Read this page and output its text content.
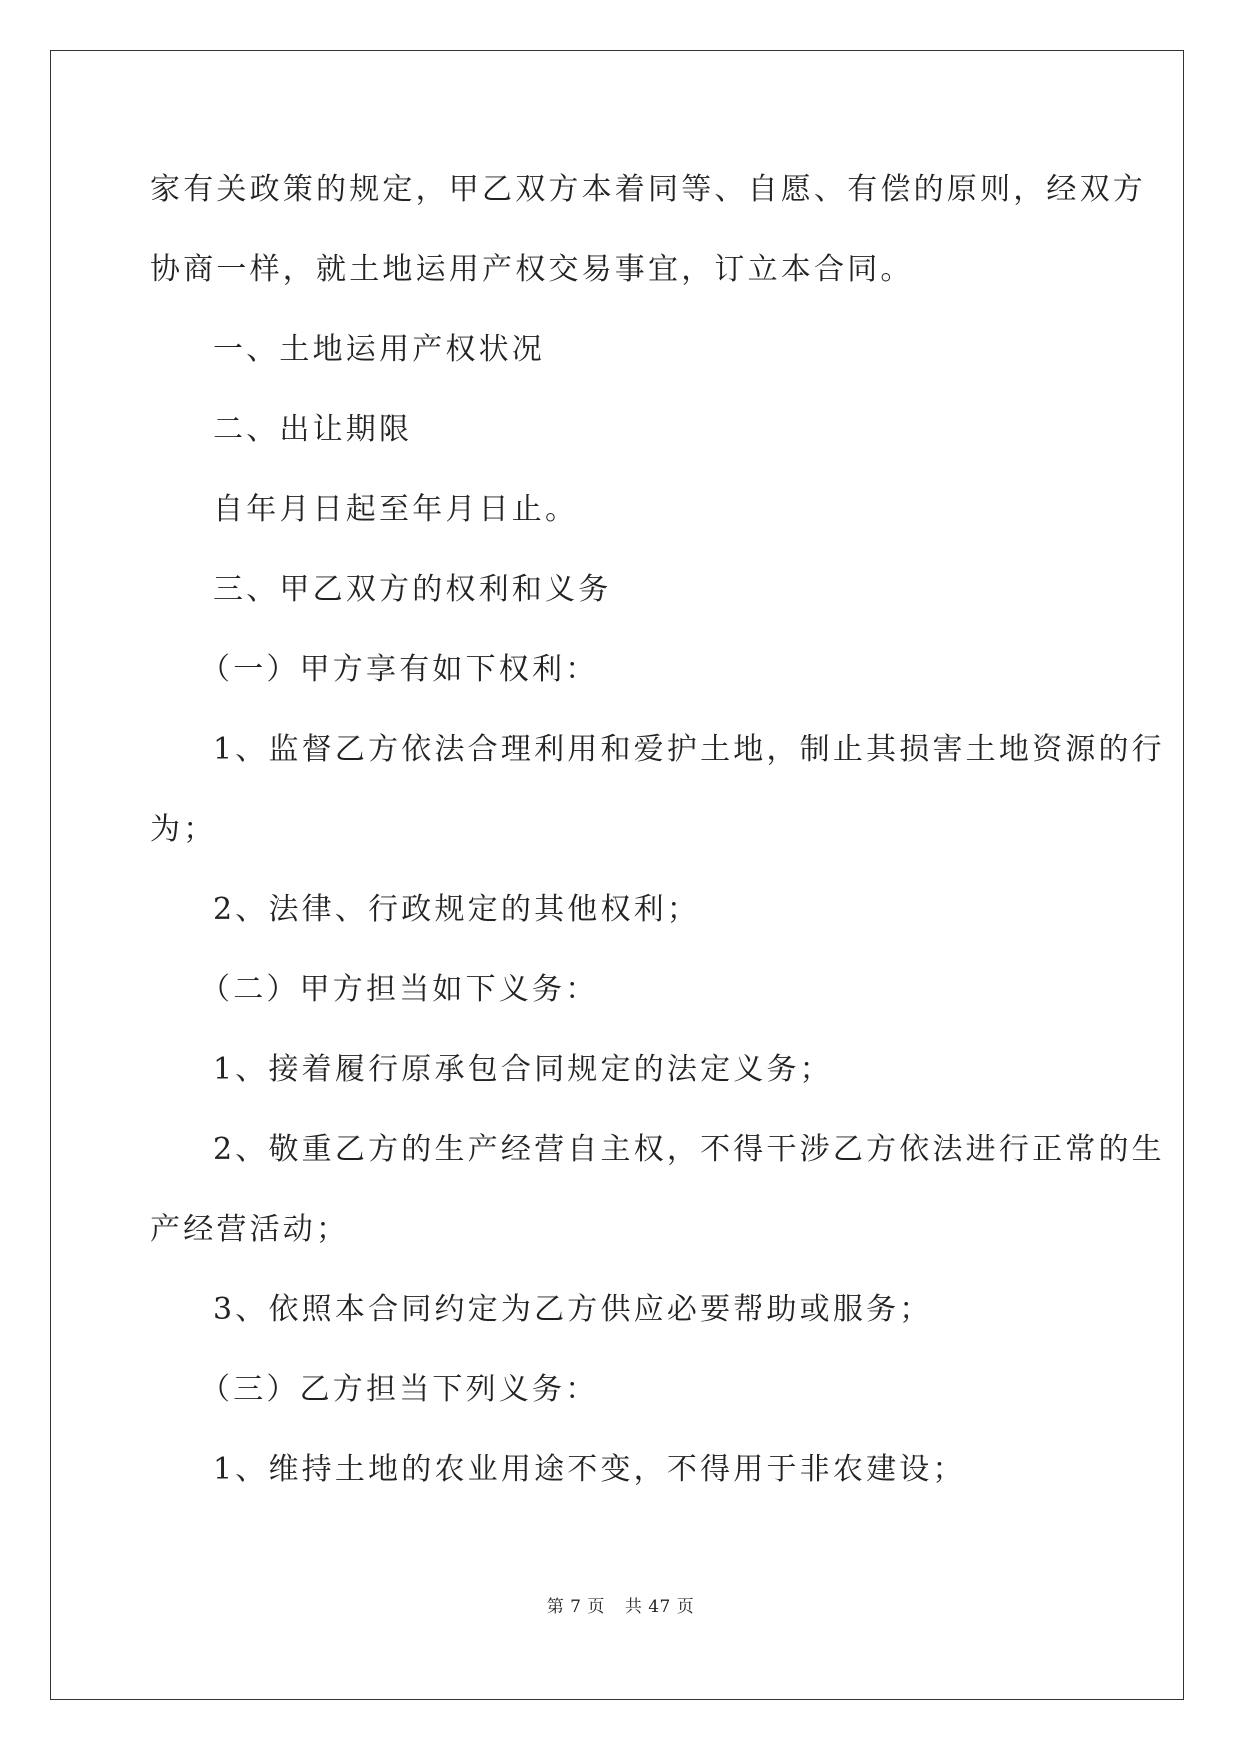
家有关政策的规定，甲乙双方本着同等、自愿、有偿的原则，经双方
协商一样，就土地运用产权交易事宜，订立本合同。
一、土地运用产权状况
二、出让期限
自年月日起至年月日止。
三、甲乙双方的权利和义务
（一）甲方享有如下权利：
1、监督乙方依法合理利用和爱护土地，制止其损害土地资源的行
为；
2、法律、行政规定的其他权利；
（二）甲方担当如下义务：
1、接着履行原承包合同规定的法定义务；
2、敬重乙方的生产经营自主权，不得干涉乙方依法进行正常的生
产经营活动；
3、依照本合同约定为乙方供应必要帮助或服务；
（三）乙方担当下列义务：
1、维持土地的农业用途不变，不得用于非农建设；
第 7 页 共 47 页
